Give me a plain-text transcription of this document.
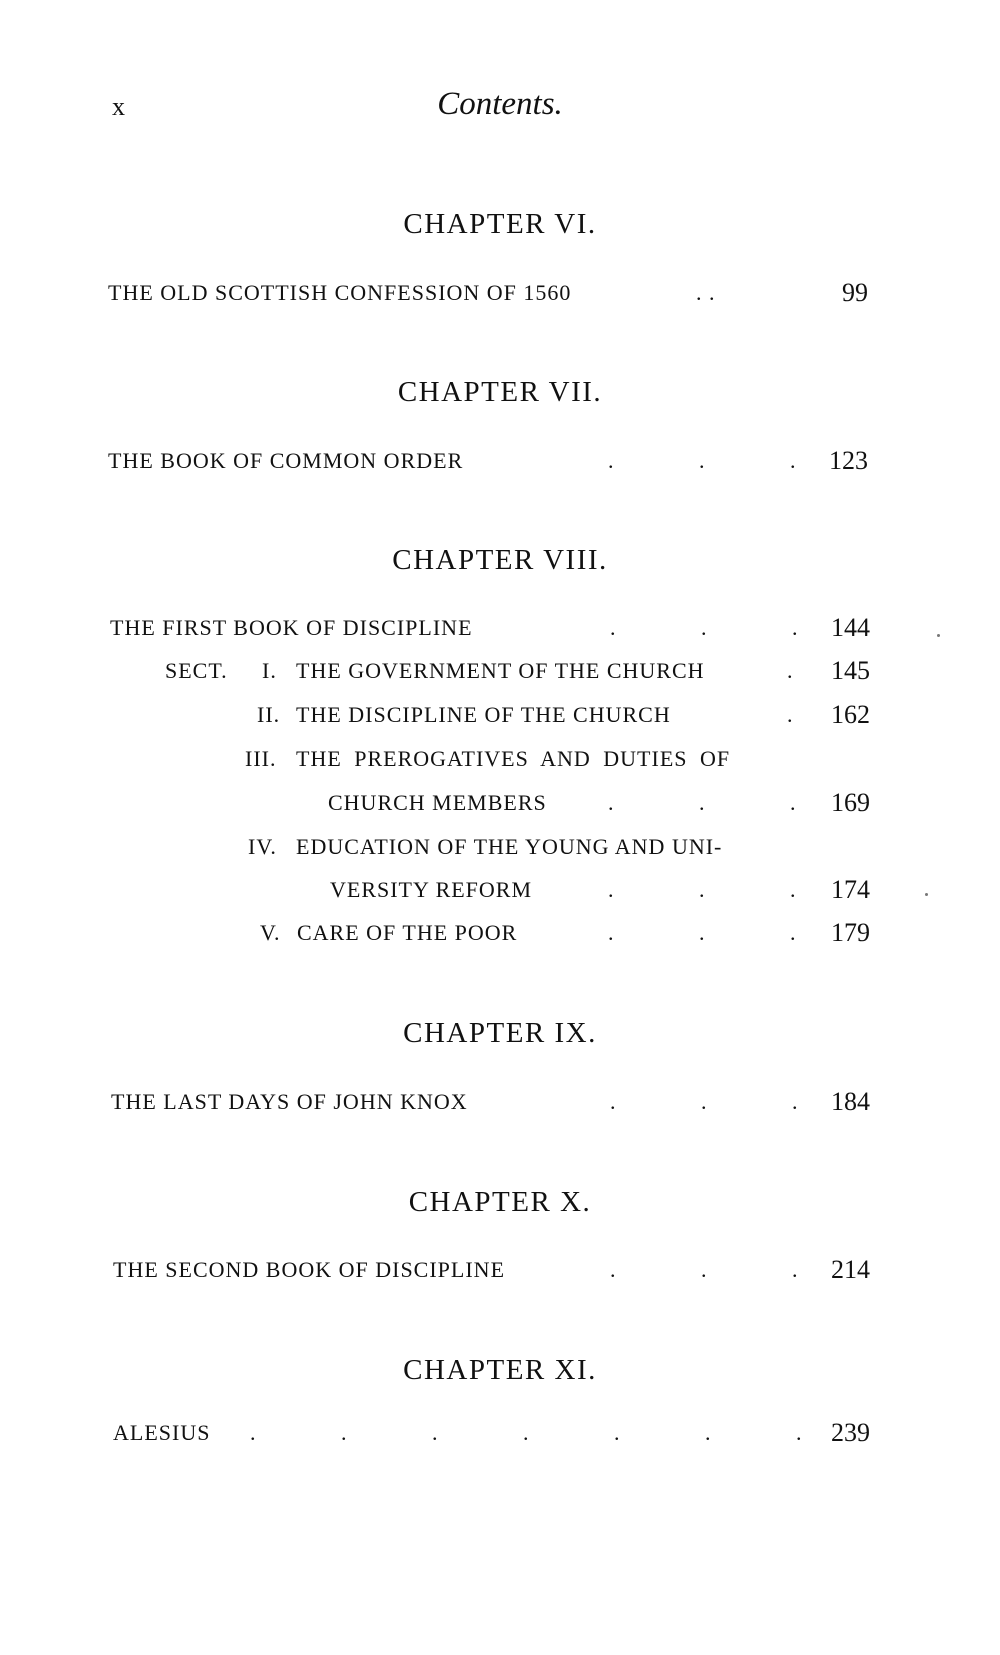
x	Contents.
CHAPTER VI.
THE OLD SCOTTISH CONFESSION OF 1560	. .	99
CHAPTER VII.
THE BOOK OF COMMON ORDER	. . . 123
CHAPTER VIII.
THE FIRST BOOK OF DISCIPLINE	. . . 144
SECT. I. THE GOVERNMENT OF THE CHURCH	. 145
II. THE DISCIPLINE OF THE CHURCH	. 162
III. THE PREROGATIVES AND DUTIES OF
CHURCH MEMBERS	. . . 169
IV. EDUCATION OF THE YOUNG AND UNI-
VERSITY REFORM	. . . 174
V. CARE OF THE POOR	. . . 179
CHAPTER IX.
THE LAST DAYS OF JOHN KNOX	. . . 184
CHAPTER X.
THE SECOND BOOK OF DISCIPLINE	. . . 214
CHAPTER XI.
ALESIUS . . . . . . . 239
